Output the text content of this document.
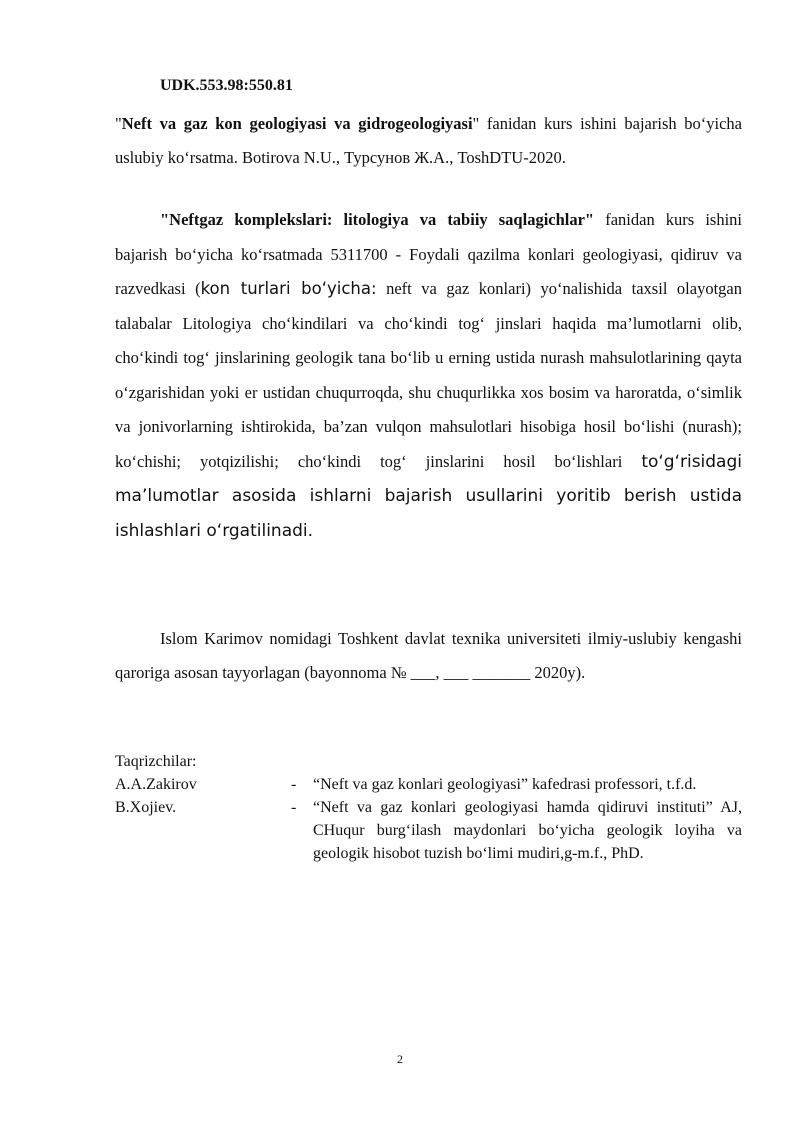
UDK.553.98:550.81
"Neft va gaz kon geologiyasi va gidrogeologiyasi" fanidan kurs ishini bajarish bo‘yicha uslubiy ko‘rsatma. Botirova N.U., Турсунов Ж.А., ToshDTU-2020.
"Neftgaz komplekslari: litologiya va tabiiy saqlagichlar" fanidan kurs ishini bajarish bo‘yicha ko‘rsatmada 5311700 - Foydali qazilma konlari geologiyasi, qidiruv va razvedkasi (kon turlari bo‘yicha: neft va gaz konlari) yo‘nalishida taxsil olayotgan talabalar Litologiya cho‘kindilari va cho‘kindi tog‘ jinslari haqida ma’lumotlarni olib, cho‘kindi tog‘ jinslarining geologik tana bo‘lib u erning ustida nurash mahsulotlarining qayta o‘zgarishidan yoki er ustidan chuqurroqda, shu chuqurlikka xos bosim va haroratda, o‘simlik va jonivorlarning ishtirokida, ba’zan vulqon mahsulotlari hisobiga hosil bo‘lishi (nurash); ko‘chishi; yotqizilishi; cho‘kindi tog‘ jinslarini hosil bo‘lishlari to‘g‘risidagi ma’lumotlar asosida ishlarni bajarish usullarini yoritib berish ustida ishlashlari o‘rgatilinadi.
Islom Karimov nomidagi Toshkent davlat texnika universiteti ilmiy-uslubiy kengashi qaroriga asosan tayyorlagan (bayonnoma № ___, ___ _______ 2020y).
Taqrizchilar:
A.A.Zakirov	- “Neft va gaz konlari geologiyasi” kafedrasi professori, t.f.d.
B.Xojiev.	- “Neft va gaz konlari geologiyasi hamda qidiruvi instituti” AJ, CHuqur burg‘ilash maydonlari bo‘yicha geologik loyiha va geologik hisobot tuzish bo‘limi mudiri,g-m.f., PhD.
2
